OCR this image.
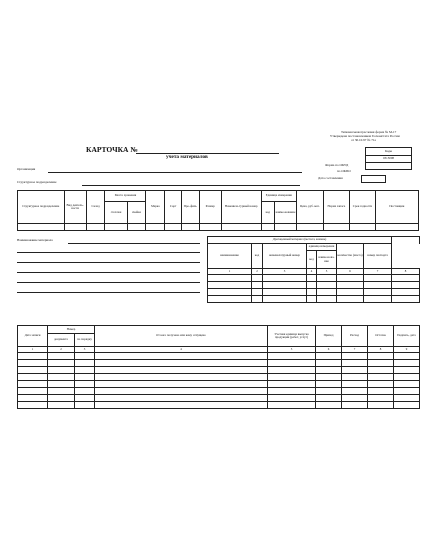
Типовая межотраслевая форма № М-17
Утверждена постановлением Госкомстата России
от 30.10.97 № 71а
КАРТОЧКА №
учета материалов
Коды
0315008

Форма по ОКУД
по ОКПО
Организация
Дата составления
Структурное подразделение
Структурное подразделение	Вид деятель-ности	Склад	Место хранения		Марка	Сорт	Про-филь	Размер	Номенкла-турный номер	Единица измерения		Цена, руб. коп.	Норма запаса	Срок годности	Поставщик
			стеллаж	ячейка						код	наиме-нование				

Наименование материала	Драгоценный материал (металл, камень)							
наименование	код	номенклатурный номер	единица измерения		количество (масса)	номер паспорта
			код	наиме-нова-ние			
1	2	3	4	5	6	7	8

Дата записи	Номер		От кого получено или кому отпущено	Учетная единица выпуска продукции (работ, услуг)	Приход	Расход	Остаток	Подпись, дата
	документа	по порядку						
1	2	3	4	5	6	7	8	9
